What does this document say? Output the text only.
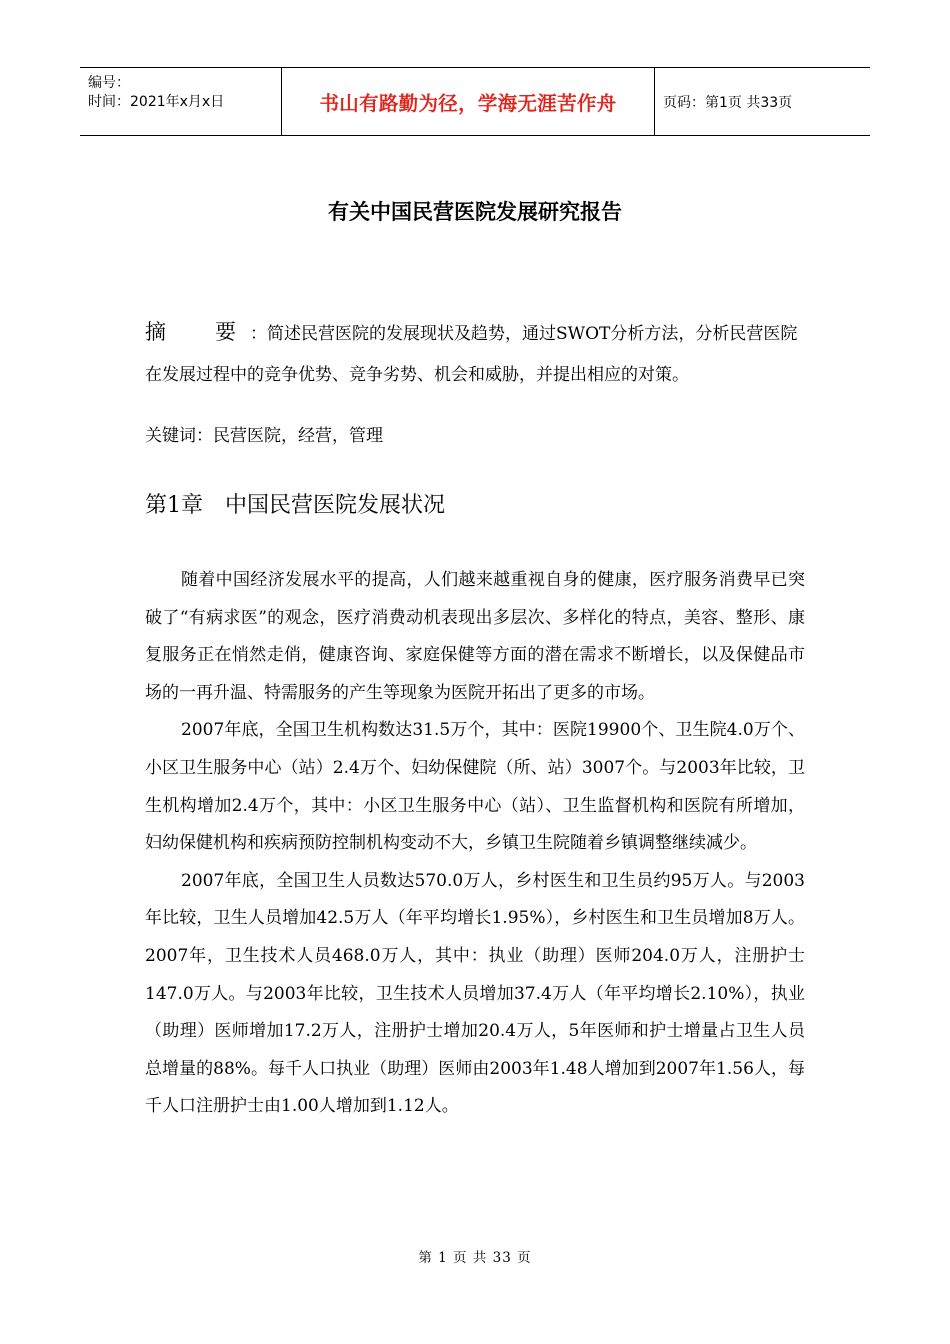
编号：
时间：2021年x月x日	书山有路勤为径，学海无涯苦作舟	页码：第1页 共33页
有关中国民营医院发展研究报告
摘　要：简述民营医院的发展现状及趋势，通过SWOT分析方法，分析民营医院在发展过程中的竞争优势、竞争劣势、机会和威胁，并提出相应的对策。
关键词：民营医院，经营，管理
第1章　中国民营医院发展状况

随着中国经济发展水平的提高，人们越来越重视自身的健康，医疗服务消费早已突破了“有病求医”的观念，医疗消费动机表现出多层次、多样化的特点，美容、整形、康复服务正在悄然走俏，健康咨询、家庭保健等方面的潜在需求不断增长，以及保健品市场的一再升温、特需服务的产生等现象为医院开拓出了更多的市场。

2007年底，全国卫生机构数达31.5万个，其中：医院19900个、卫生院4.0万个、小区卫生服务中心（站）2.4万个、妇幼保健院（所、站）3007个。与2003年比较，卫生机构增加2.4万个，其中：小区卫生服务中心（站）、卫生监督机构和医院有所增加，妇幼保健机构和疾病预防控制机构变动不大，乡镇卫生院随着乡镇调整继续减少。

2007年底，全国卫生人员数达570.0万人，乡村医生和卫生员约95万人。与2003年比较，卫生人员增加42.5万人（年平均增长1.95%），乡村医生和卫生员增加8万人。2007年，卫生技术人员468.0万人，其中：执业（助理）医师204.0万人，注册护士147.0万人。与2003年比较，卫生技术人员增加37.4万人（年平均增长2.10%），执业（助理）医师增加17.2万人，注册护士增加20.4万人，5年医师和护士增量占卫生人员总增量的88%。每千人口执业（助理）医师由2003年1.48人增加到2007年1.56人，每千人口注册护士由1.00人增加到1.12人。

第 1 页 共 33 页
